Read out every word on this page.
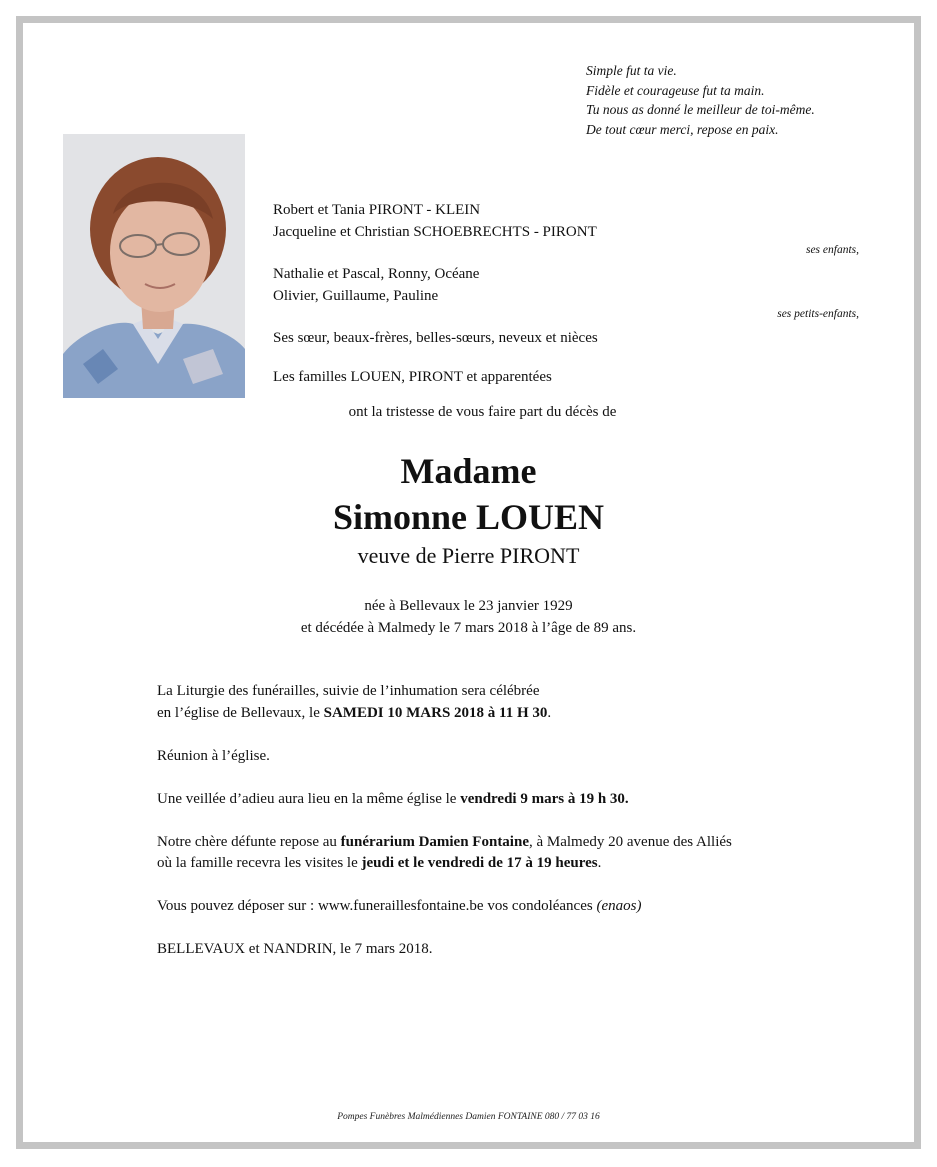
Simple fut ta vie.
Fidèle et courageuse fut ta main.
Tu nous as donné le meilleur de toi-même.
De tout cœur merci, repose en paix.
Robert et Tania PIRONT - KLEIN
Jacqueline et Christian SCHOEBRECHTS - PIRONT
ses enfants,
Nathalie et Pascal, Ronny, Océane
Olivier, Guillaume, Pauline
ses petits-enfants,
Ses sœur, beaux-frères, belles-sœurs, neveux et nièces
Les familles LOUEN, PIRONT et apparentées
ont la tristesse de vous faire part du décès de
Madame
Simonne LOUEN
veuve de Pierre PIRONT
née à Bellevaux le 23 janvier 1929
et décédée à Malmedy le 7 mars 2018 à l’âge de 89 ans.

La Liturgie des funérailles, suivie de l’inhumation sera célébrée
en l’église de Bellevaux, le SAMEDI 10 MARS 2018 à 11 H 30.

Réunion à l’église.

Une veillée d’adieu aura lieu en la même église le vendredi 9 mars à 19 h 30.

Notre chère défunte repose au funérarium Damien Fontaine, à Malmedy 20 avenue des Alliés
où la famille recevra les visites le jeudi et le vendredi de 17 à 19 heures.

Vous pouvez déposer sur : www.funeraillesfontaine.be vos condoléances (enaos)

BELLEVAUX et NANDRIN, le 7 mars 2018.

Pompes Funèbres Malmédiennes Damien FONTAINE 080 / 77 03 16
